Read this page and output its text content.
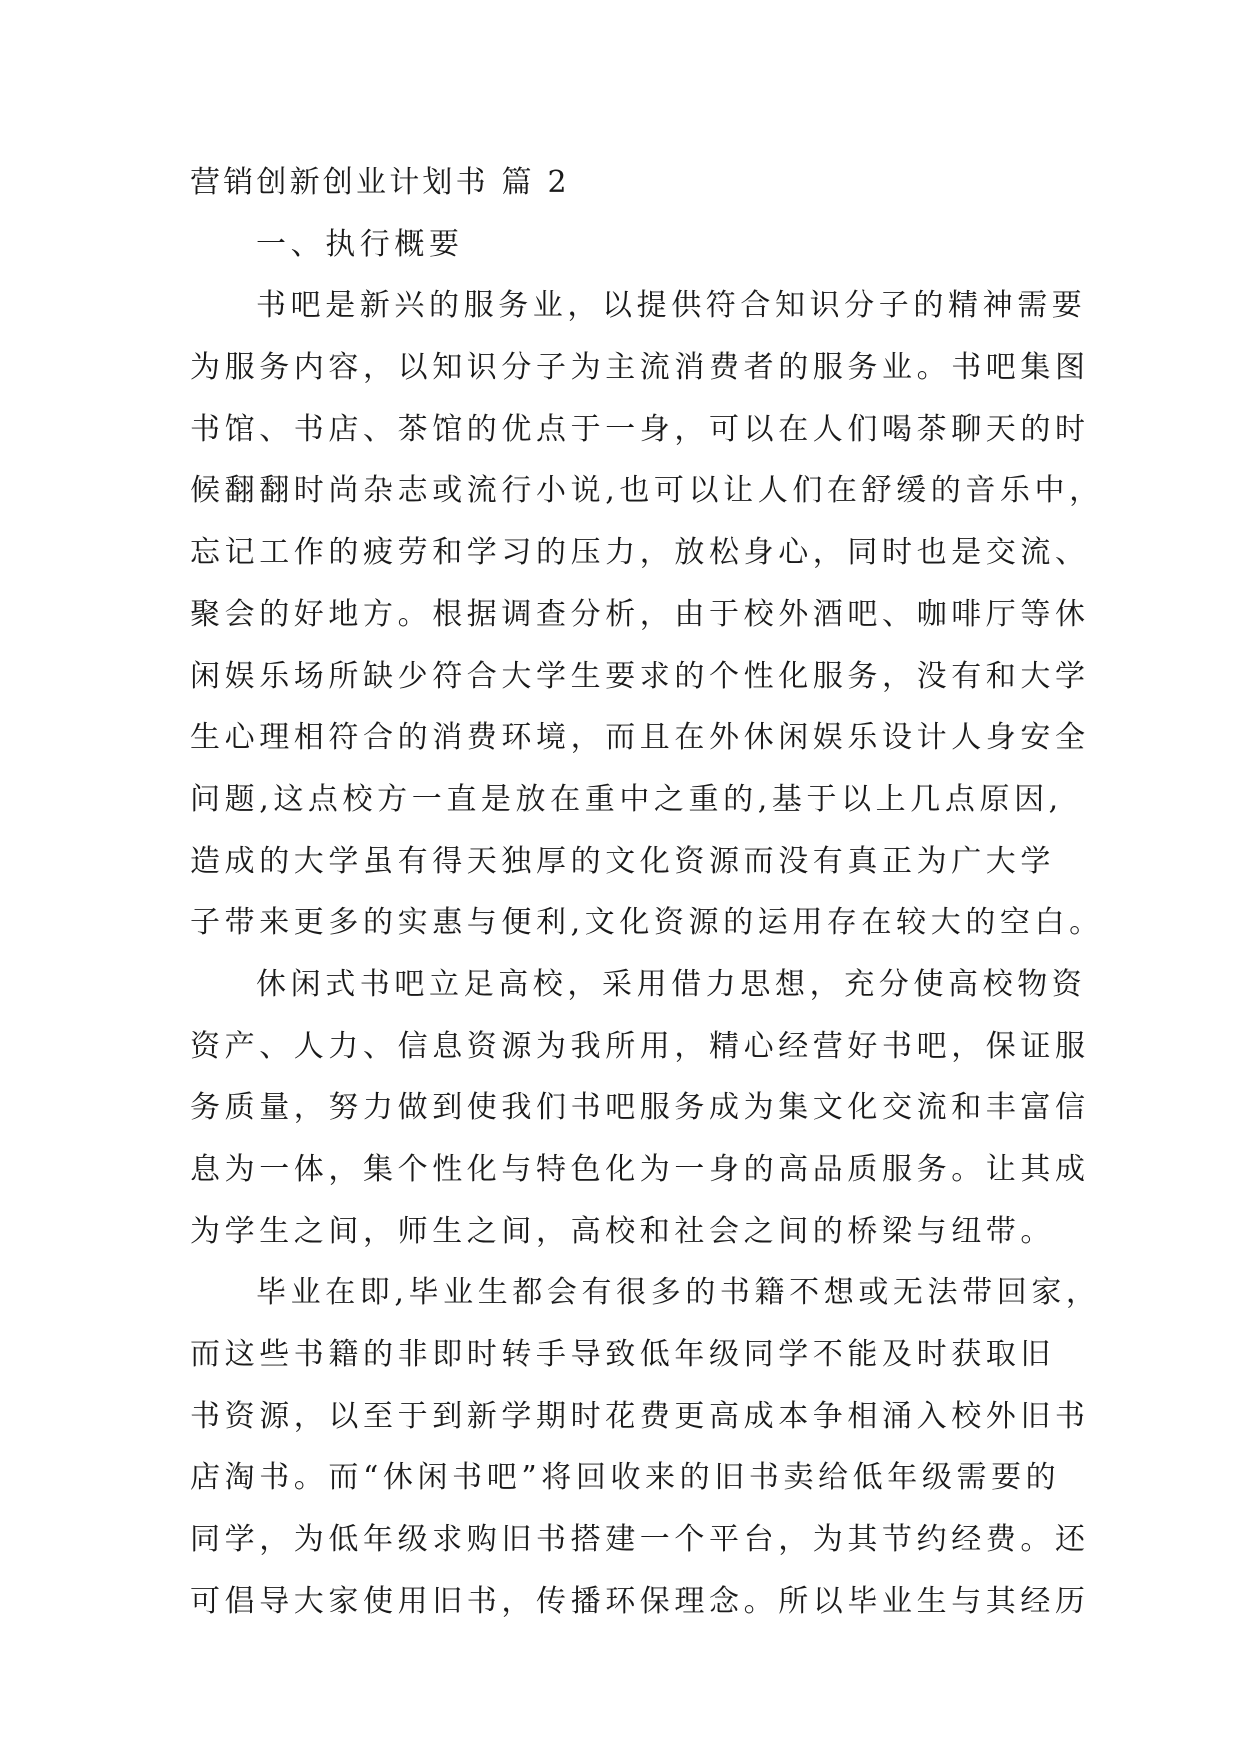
营销创新创业计划书 篇 2
一、执行概要
书吧是新兴的服务业，以提供符合知识分子的精神需要
为服务内容，以知识分子为主流消费者的服务业。书吧集图
书馆、书店、茶馆的优点于一身，可以在人们喝茶聊天的时
候翻翻时尚杂志或流行小说,也可以让人们在舒缓的音乐中，
忘记工作的疲劳和学习的压力，放松身心，同时也是交流、
聚会的好地方。根据调查分析，由于校外酒吧、咖啡厅等休
闲娱乐场所缺少符合大学生要求的个性化服务，没有和大学
生心理相符合的消费环境，而且在外休闲娱乐设计人身安全
问题,这点校方一直是放在重中之重的,基于以上几点原因,
造成的大学虽有得天独厚的文化资源而没有真正为广大学
子带来更多的实惠与便利,文化资源的运用存在较大的空白。
休闲式书吧立足高校，采用借力思想，充分使高校物资
资产、人力、信息资源为我所用，精心经营好书吧，保证服
务质量，努力做到使我们书吧服务成为集文化交流和丰富信
息为一体，集个性化与特色化为一身的高品质服务。让其成
为学生之间，师生之间，高校和社会之间的桥梁与纽带。
毕业在即,毕业生都会有很多的书籍不想或无法带回家，
而这些书籍的非即时转手导致低年级同学不能及时获取旧
书资源，以至于到新学期时花费更高成本争相涌入校外旧书
店淘书。而“休闲书吧”将回收来的旧书卖给低年级需要的
同学，为低年级求购旧书搭建一个平台，为其节约经费。还
可倡导大家使用旧书，传播环保理念。所以毕业生与其经历
